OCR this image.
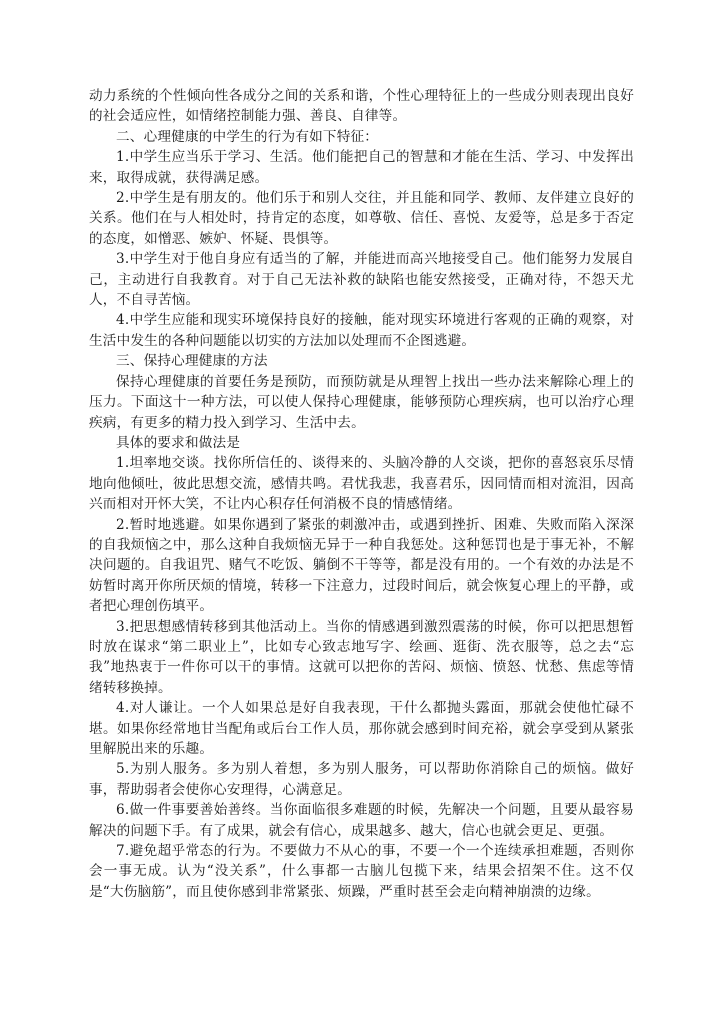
动力系统的个性倾向性各成分之间的关系和谐，个性心理特征上的一些成分则表现出良好的社会适应性，如情绪控制能力强、善良、自律等。

二、心理健康的中学生的行为有如下特征：

1.中学生应当乐于学习、生活。他们能把自己的智慧和才能在生活、学习、中发挥出来，取得成就，获得满足感。

2.中学生是有朋友的。他们乐于和别人交往，并且能和同学、教师、友伴建立良好的关系。他们在与人相处时，持肯定的态度，如尊敬、信任、喜悦、友爱等，总是多于否定的态度，如憎恶、嫉妒、怀疑、畏惧等。

3.中学生对于他自身应有适当的了解，并能进而高兴地接受自己。他们能努力发展自己，主动进行自我教育。对于自己无法补救的缺陷也能安然接受，正确对待，不怨天尤人，不自寻苦恼。

4.中学生应能和现实环境保持良好的接触，能对现实环境进行客观的正确的观察，对生活中发生的各种问题能以切实的方法加以处理而不企图逃避。

三、保持心理健康的方法

保持心理健康的首要任务是预防，而预防就是从理智上找出一些办法来解除心理上的压力。下面这十一种方法，可以使人保持心理健康，能够预防心理疾病，也可以治疗心理疾病，有更多的精力投入到学习、生活中去。

具体的要求和做法是

1.坦率地交谈。找你所信任的、谈得来的、头脑冷静的人交谈，把你的喜怒哀乐尽情地向他倾吐，彼此思想交流，感情共鸣。君忧我悲，我喜君乐，因同情而相对流泪，因高兴而相对开怀大笑，不让内心积存任何消极不良的情感情绪。

2.暂时地逃避。如果你遇到了紧张的刺激冲击，或遇到挫折、困难、失败而陷入深深的自我烦恼之中，那么这种自我烦恼无异于一种自我惩处。这种惩罚也是于事无补，不解决问题的。自我诅咒、赌气不吃饭、躺倒不干等等，都是没有用的。一个有效的办法是不妨暂时离开你所厌烦的情境，转移一下注意力，过段时间后，就会恢复心理上的平静，或者把心理创伤填平。

3.把思想感情转移到其他活动上。当你的情感遇到激烈震荡的时候，你可以把思想暂时放在谋求“第二职业上”，比如专心致志地写字、绘画、逛街、洗衣服等，总之去“忘我”地热衷于一件你可以干的事情。这就可以把你的苦闷、烦恼、愤怒、忧愁、焦虑等情绪转移换掉。

4.对人谦让。一个人如果总是好自我表现，干什么都抛头露面，那就会使他忙碌不堪。如果你经常地甘当配角或后台工作人员，那你就会感到时间充裕，就会享受到从紧张里解脱出来的乐趣。

5.为别人服务。多为别人着想，多为别人服务，可以帮助你消除自己的烦恼。做好事，帮助弱者会使你心安理得，心满意足。

6.做一件事要善始善终。当你面临很多难题的时候，先解决一个问题，且要从最容易解决的问题下手。有了成果，就会有信心，成果越多、越大，信心也就会更足、更强。

7.避免超乎常态的行为。不要做力不从心的事，不要一个一个连续承担难题，否则你会一事无成。认为“没关系”，什么事都一古脑儿包揽下来，结果会招架不住。这不仅是“大伤脑筋”，而且使你感到非常紧张、烦躁，严重时甚至会走向精神崩溃的边缘。
